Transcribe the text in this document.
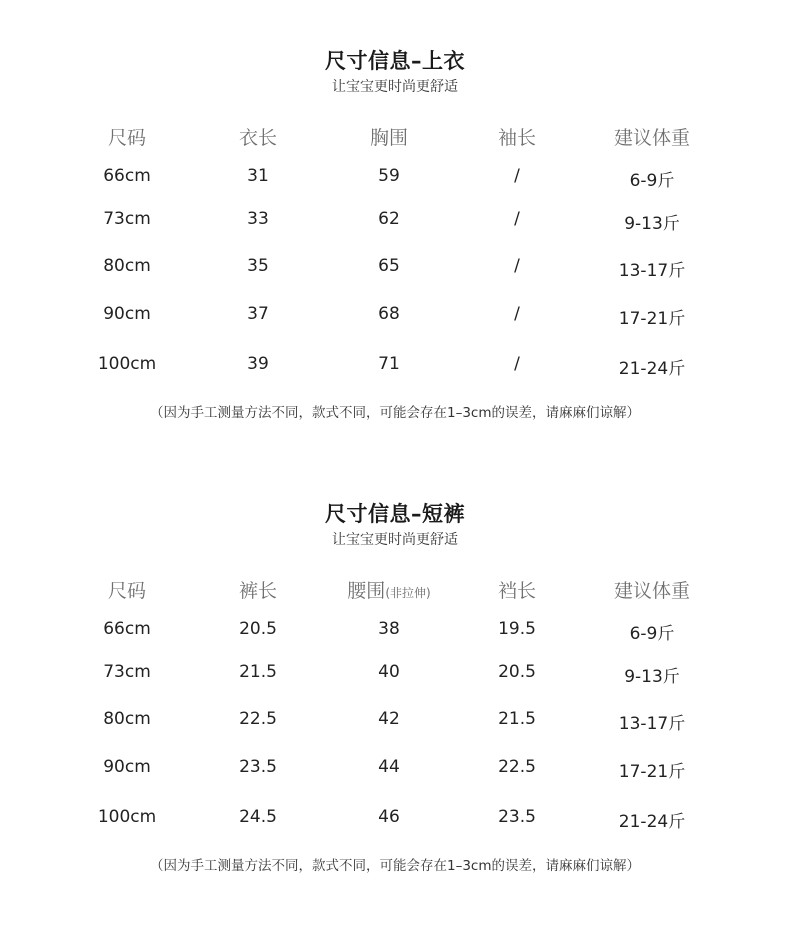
尺寸信息–上衣
让宝宝更时尚更舒适
尺码	衣长	胸围	袖长	建议体重
66cm	31	59	/	6-9斤
73cm	33	62	/	9-13斤
80cm	35	65	/	13-17斤
90cm	37	68	/	17-21斤
100cm	39	71	/	21-24斤
（因为手工测量方法不同，款式不同，可能会存在1–3cm的误差，请麻麻们谅解）
尺寸信息–短裤
让宝宝更时尚更舒适
尺码	裤长	腰围(非拉伸)	裆长	建议体重
66cm	20.5	38	19.5	6-9斤
73cm	21.5	40	20.5	9-13斤
80cm	22.5	42	21.5	13-17斤
90cm	23.5	44	22.5	17-21斤
100cm	24.5	46	23.5	21-24斤
（因为手工测量方法不同，款式不同，可能会存在1–3cm的误差，请麻麻们谅解）
